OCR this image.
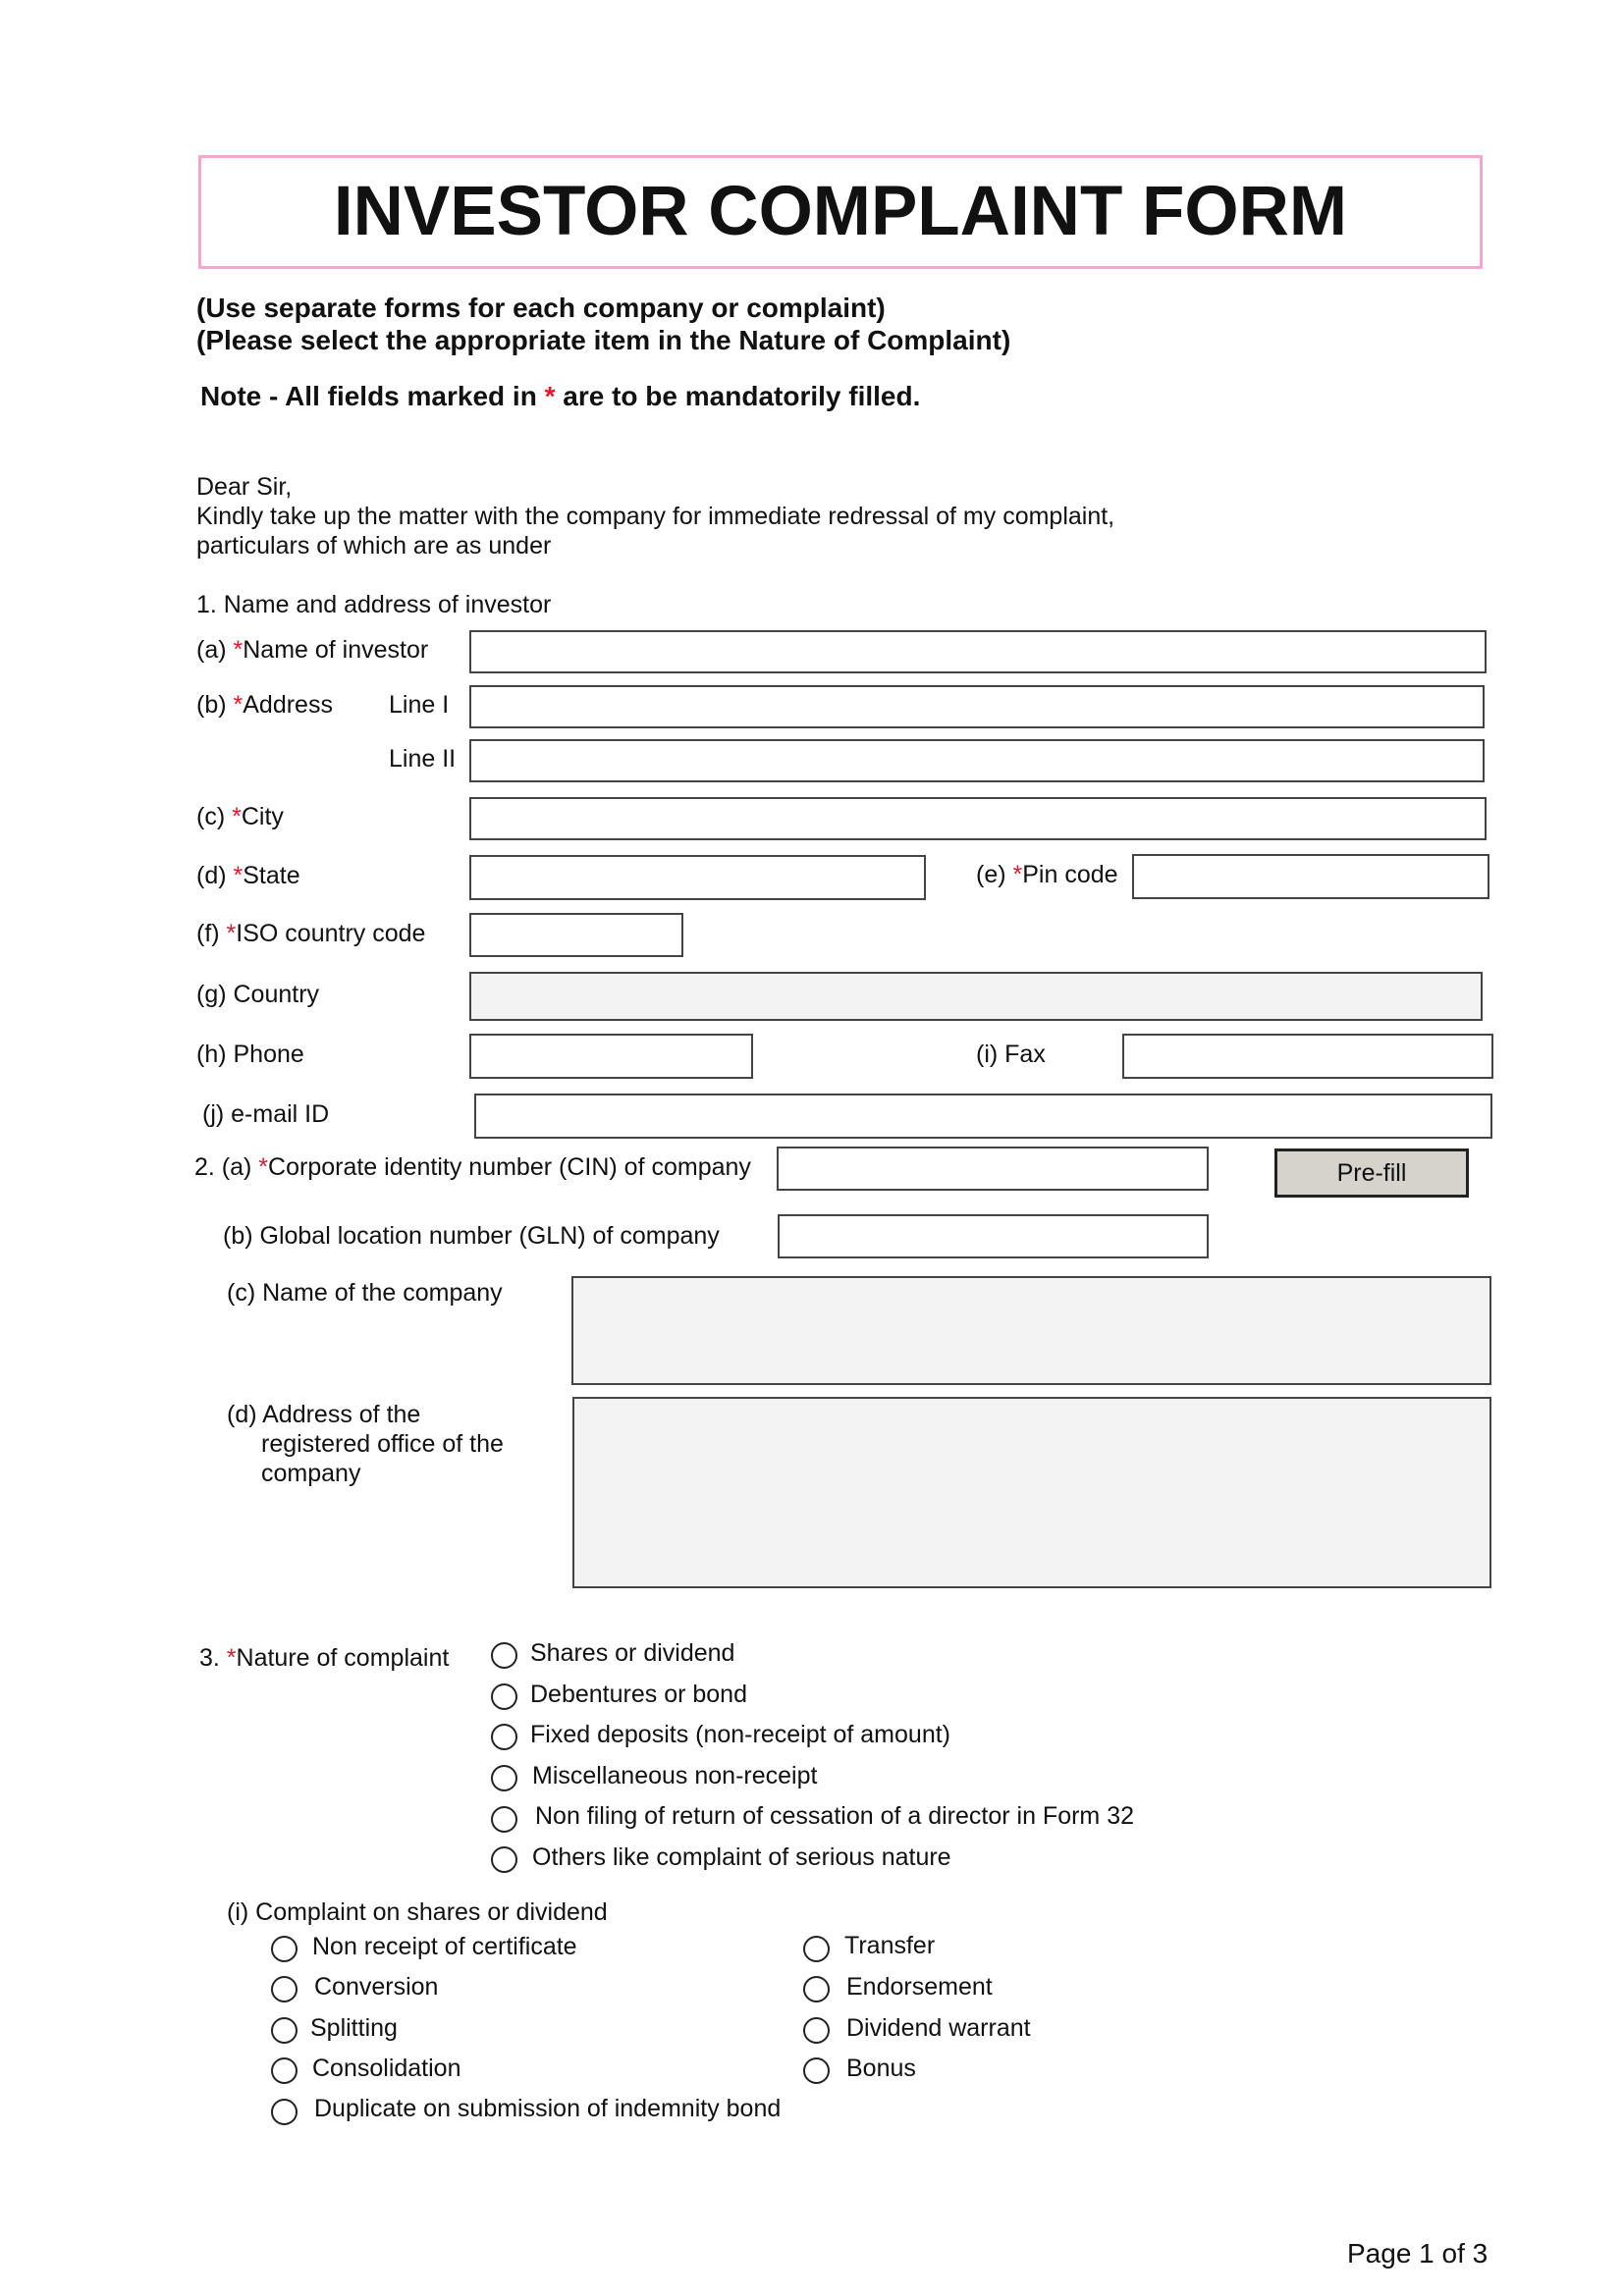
INVESTOR COMPLAINT FORM
(Use separate forms for each company or complaint)
(Please select the appropriate item in the Nature of Complaint)
Note - All fields marked in * are to be mandatorily filled.
Dear Sir,
Kindly take up the matter with the company for immediate redressal of my complaint,
particulars of which are as under
1. Name and address of investor
(a) *Name of investor
(b) *Address Line I
Line II
(c) *City
(d) *State	(e) *Pin code
(f) *ISO country code
(g) Country
(h) Phone	(i) Fax
(j) e-mail ID
2. (a) *Corporate identity number (CIN) of company	Pre-fill
(b) Global location number (GLN) of company
(c) Name of the company
(d) Address of the
registered office of the
company
3. *Nature of complaint	Shares or dividend
Debentures or bond
Fixed deposits (non-receipt of amount)
Miscellaneous non-receipt
Non filing of return of cessation of a director in Form 32
Others like complaint of serious nature
(i) Complaint on shares or dividend
Non receipt of certificate
Conversion
Splitting
Consolidation
Duplicate on submission of indemnity bond
Transfer
Endorsement
Dividend warrant
Bonus
Page 1 of 3
